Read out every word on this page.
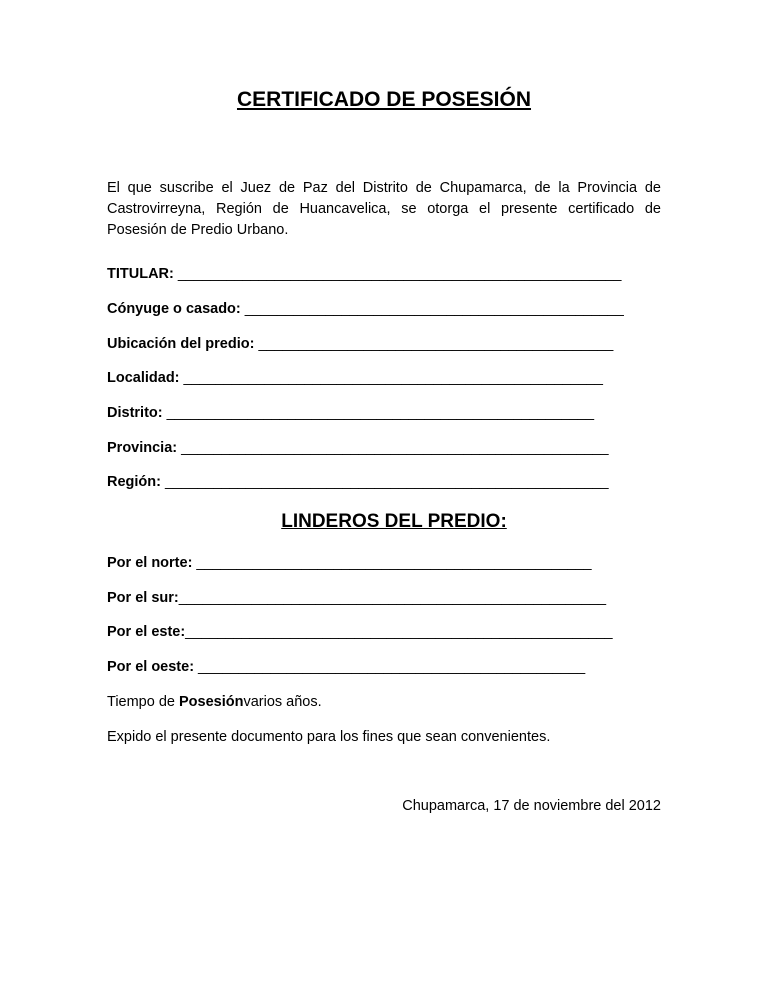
CERTIFICADO DE POSESIÓN
El que suscribe el Juez de Paz del Distrito de Chupamarca, de la Provincia de Castrovirreyna, Región de Huancavelica, se otorga el presente certificado de Posesión de Predio Urbano.
TITULAR: _______________________________________________________
Cónyuge o casado: _______________________________________________
Ubicación del predio: ____________________________________________
Localidad: ____________________________________________________
Distrito: _____________________________________________________
Provincia: _____________________________________________________
Región: _______________________________________________________
LINDEROS DEL PREDIO:
Por el norte: _________________________________________________
Por el sur:_____________________________________________________
Por el este:_____________________________________________________
Por el oeste: ________________________________________________
Tiempo de Posesiónvarios años.
Expido el presente documento para los fines que sean convenientes.
Chupamarca, 17 de noviembre del 2012
